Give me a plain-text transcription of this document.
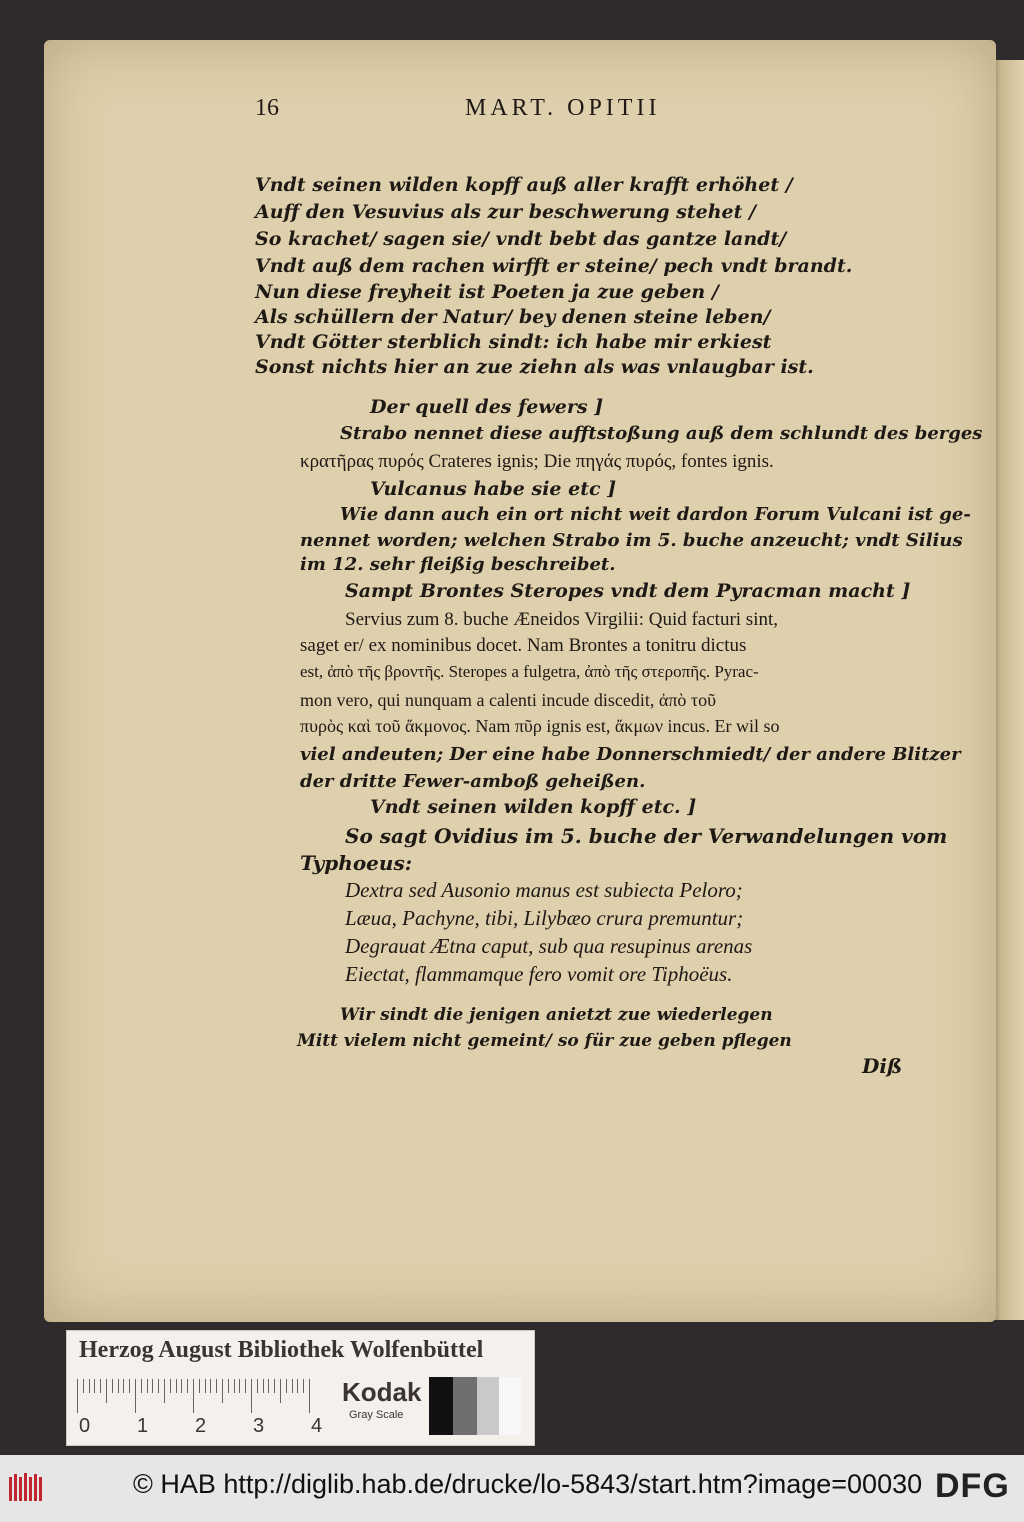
16	MART. OPITII
Vndt seinen wilden kopff auß aller krafft erhöhet /
Auff den Vesuvius als zur beschwerung stehet /
So krachet/ sagen sie/ vndt bebt das gantze landt/
Vndt auß dem rachen wirfft er steine/ pech vndt brandt.
Nun diese freyheit ist Poeten ja zue geben /
Als schüllern der Natur/ bey denen steine leben/
Vndt Götter sterblich sindt: ich habe mir erkiest
Sonst nichts hier an zue ziehn als was vnlaugbar ist.
Der quell des fewers ]
Strabo nennet diese aufftstoßung auß dem schlundt des berges
κρατῆρας πυρός Crateres ignis; Die πηγάς πυρός, fontes ignis.
Vulcanus habe sie etc ]
Wie dann auch ein ort nicht weit dardon Forum Vulcani ist ge-
nennet worden; welchen Strabo im 5. buche anzeucht; vndt Silius
im 12. sehr fleißig beschreibet.
Sampt Brontes Steropes vndt dem Pyracman macht ]
Servius zum 8. buche Æneidos Virgilii: Quid facturi sint,
saget er/ ex nominibus docet. Nam Brontes a tonitru dictus
est, ἀπὸ τῆς βροντῆς. Steropes a fulgetra, ἀπὸ τῆς στεροπῆς. Pyrac-
mon vero, qui nunquam a calenti incude discedit, ἀπὸ τοῦ
πυρὸς καὶ τοῦ ἄκμονος. Nam πῦρ ignis est, ἄκμων incus. Er wil so
viel andeuten; Der eine habe Donnerschmiedt/ der andere Blitzer
der dritte Fewer-amboß geheißen.
Vndt seinen wilden kopff etc. ]
So sagt Ovidius im 5. buche der Verwandelungen vom
Typhoeus:
Dextra sed Ausonio manus est subiecta Peloro;
Læua, Pachyne, tibi, Lilybæo crura premuntur;
Degrauat Ætna caput, sub qua resupinus arenas
Eiectat, flammamque fero vomit ore Tiphoëus.
Wir sindt die jenigen anietzt zue wiederlegen
Mitt vielem nicht gemeint/ so für zue geben pflegen
Diß
Herzog August Bibliothek Wolfenbüttel
0 1 2 3 4
Kodak
Gray Scale
© HAB http://diglib.hab.de/drucke/lo-5843/start.htm?image=00030 DFG
